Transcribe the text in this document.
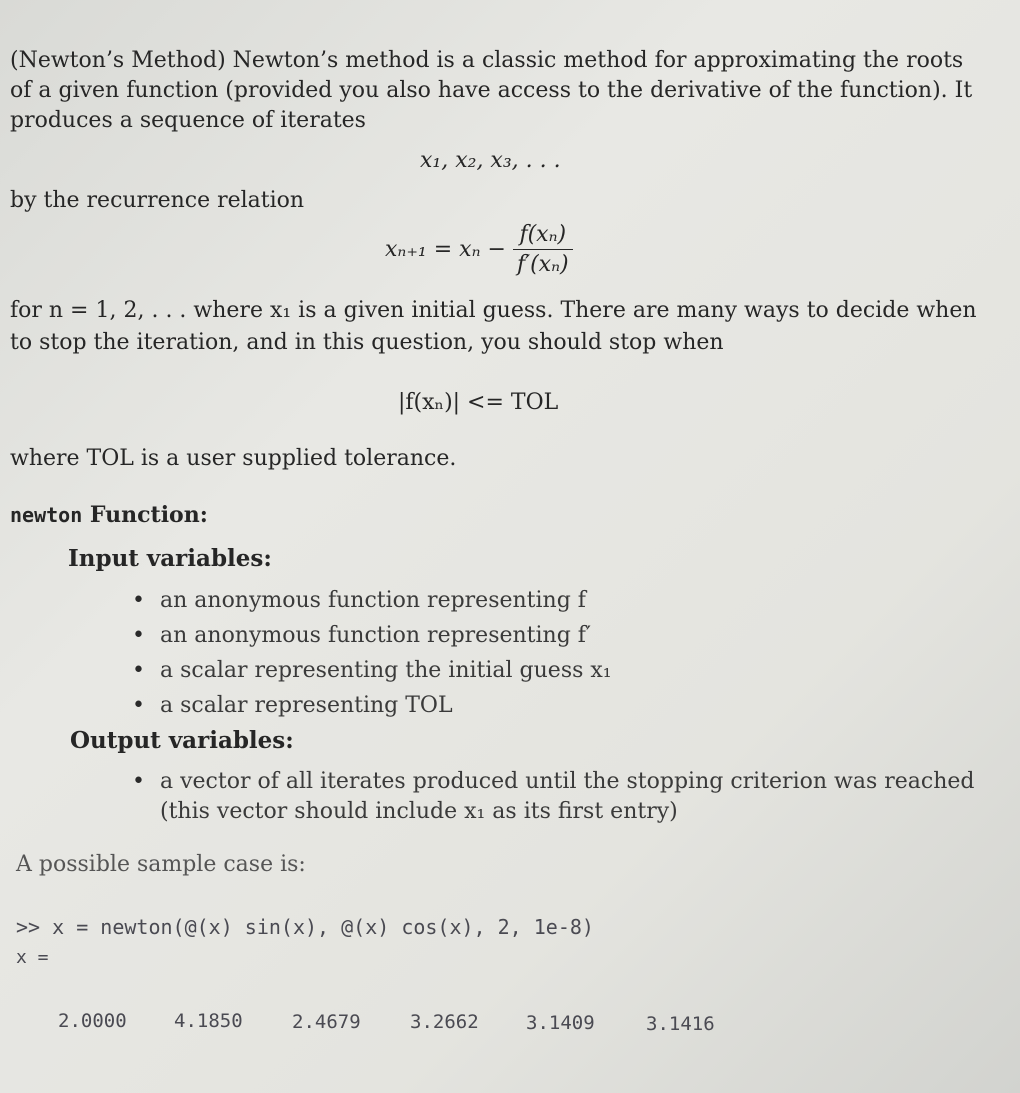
(Newton’s Method) Newton’s method is a classic method for approximating the roots
of a given function (provided you also have access to the derivative of the function). It
produces a sequence of iterates
x₁, x₂, x₃, . . .
by the recurrence relation
$x_{n+1} = x_n - \frac{\text{f(xₙ)}}{\text{f′(xₙ)}}$
for n = 1, 2, . . . where x₁ is a given initial guess. There are many ways to decide when
to stop the iteration, and in this question, you should stop when
|f(xₙ)| <= TOL
where TOL is a user supplied tolerance.
newton Function:
Input variables:
• an anonymous function representing f
• an anonymous function representing f′
• a scalar representing the initial guess x₁
• a scalar representing TOL
Output variables:
• a vector of all iterates produced until the stopping criterion was reached
(this vector should include x₁ as its first entry)
A possible sample case is:
>> x = newton(@(x) sin(x), @(x) cos(x), 2, 1e-8)
x =
2.0000 4.1850	2.4679	3.2662 3.1409	3.1416
